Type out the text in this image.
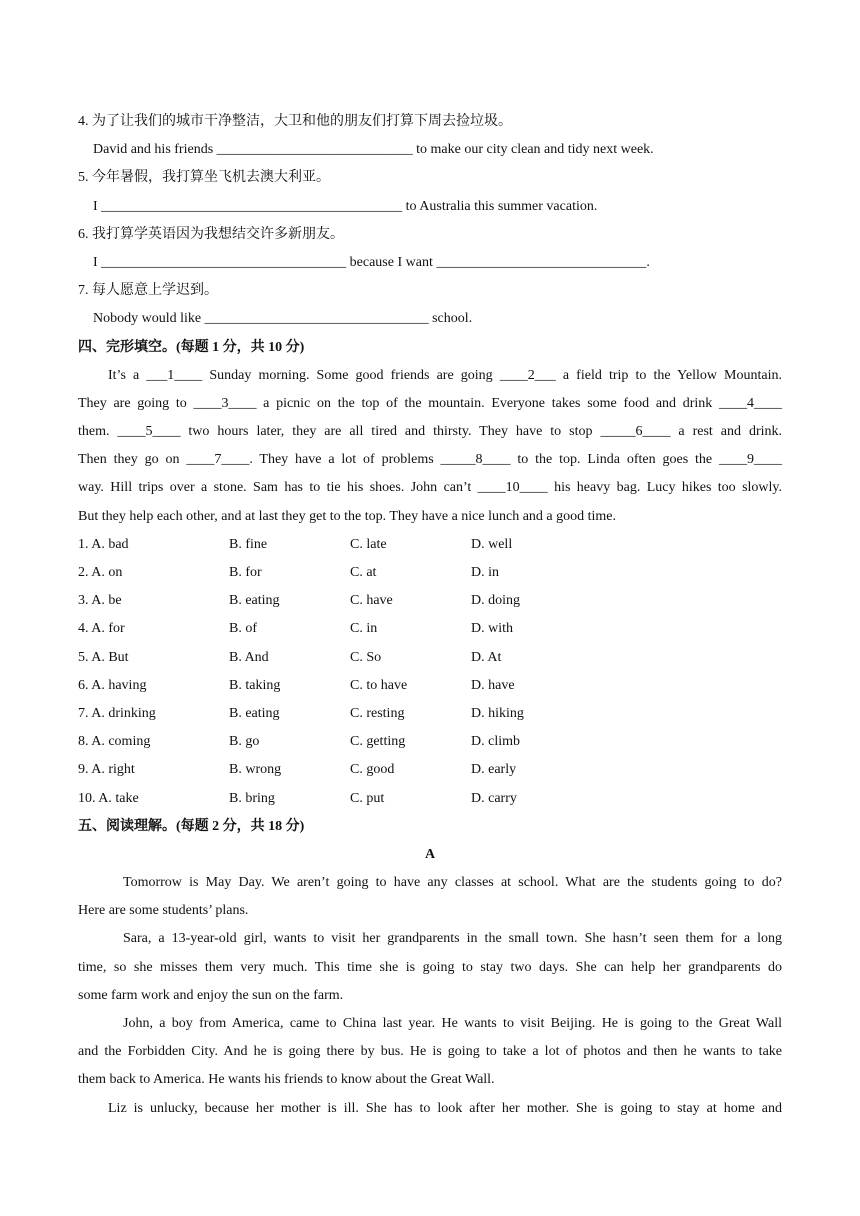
4. 为了让我们的城市干净整洁，大卫和他的朋友们打算下周去捡垃圾。
David and his friends ____________________________ to make our city clean and tidy next week.
5. 今年暑假，我打算坐飞机去澳大利亚。
I ___________________________________________ to Australia this summer vacation.
6. 我打算学英语因为我想结交许多新朋友。
I ___________________________________ because I want ______________________________.
7. 每人愿意上学迟到。
Nobody would like ________________________________ school.
四、完形填空。(每题 1 分，共 10 分)
It’s a ___1____ Sunday morning. Some good friends are going ____2___ a field trip to the Yellow Mountain.
They are going to ____3____ a picnic on the top of the mountain. Everyone takes some food and drink ____4____
them. ____5____ two hours later, they are all tired and thirsty. They have to stop _____6____ a rest and drink.
Then they go on ____7____. They have a lot of problems _____8____ to the top. Linda often goes the ____9____
way. Hill trips over a stone. Sam has to tie his shoes. John can’t ____10____ his heavy bag. Lucy hikes too slowly.
But they help each other, and at last they get to the top. They have a nice lunch and a good time.
1. A. bad	B. fine	C. late	D. well
2. A. on	B. for	C. at	D. in
3. A. be	B. eating	C. have	D. doing
4. A. for	B. of	C. in	D. with
5. A. But	B. And	C. So	D. At
6. A. having	B. taking	C. to have	D. have
7. A. drinking	B. eating	C. resting	D. hiking
8. A. coming	B. go	C. getting	D. climb
9. A. right	B. wrong	C. good	D. early
10. A. take	B. bring	C. put	D. carry
五、阅读理解。(每题 2 分，共 18 分)
A
Tomorrow is May Day. We aren’t going to have any classes at school. What are the students going to do?
Here are some students’ plans.
Sara, a 13-year-old girl, wants to visit her grandparents in the small town. She hasn’t seen them for a long
time, so she misses them very much. This time she is going to stay two days. She can help her grandparents do
some farm work and enjoy the sun on the farm.
John, a boy from America, came to China last year. He wants to visit Beijing. He is going to the Great Wall
and the Forbidden City. And he is going there by bus. He is going to take a lot of photos and then he wants to take
them back to America. He wants his friends to know about the Great Wall.
Liz is unlucky, because her mother is ill. She has to look after her mother. She is going to stay at home and
